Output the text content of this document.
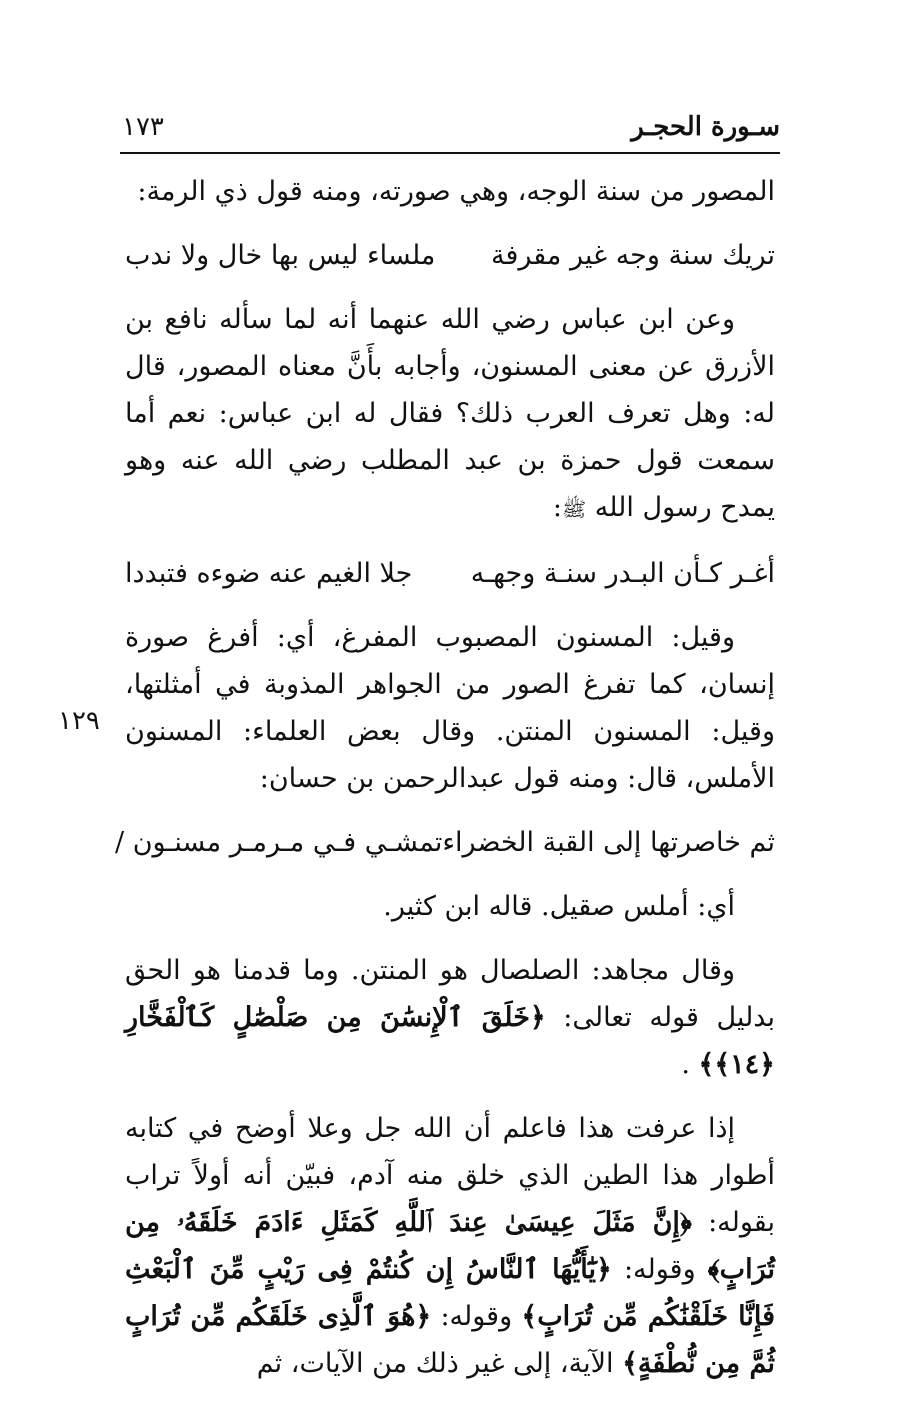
سـورة الحجـر
١٧٣
١٢٩

المصور من سنة الوجه، وهي صورته، ومنه قول ذي الرمة:

تريك سنة وجه غير مقرفة
ملساء ليس بها خال ولا ندب

وعن ابن عباس رضي الله عنهما أنه لما سأله نافع بن الأزرق عن معنى المسنون، وأجابه بأَنَّ معناه المصور، قال له: وهل تعرف العرب ذلك؟ فقال له ابن عباس: نعم أما سمعت قول حمزة بن عبد المطلب رضي الله عنه وهو يمدح رسول الله ﷺ:

أغـر كـأن البـدر سنـة وجهـه
جلا الغيم عنه ضوءه فتبددا

وقيل: المسنون المصبوب المفرغ، أي: أفرغ صورة إنسان، كما تفرغ الصور من الجواهر المذوبة في أمثلتها، وقيل: المسنون المنتن. وقال بعض العلماء: المسنون الأملس، قال: ومنه قول عبدالرحمن بن حسان:

ثم خاصرتها إلى القبة الخضراء
تمشـي فـي مـرمـر مسنـون /

أي: أملس صقيل. قاله ابن كثير.

وقال مجاهد: الصلصال هو المنتن. وما قدمنا هو الحق بدليل قوله تعالى: ﴿خَلَقَ ٱلْإِنسَٰنَ مِن صَلْصَٰلٍ كَٱلْفَخَّارِ ﴿١٤﴾﴾ .

إذا عرفت هذا فاعلم أن الله جل وعلا أوضح في كتابه أطوار هذا الطين الذي خلق منه آدم، فبيّن أنه أولاً تراب بقوله: ﴿إِنَّ مَثَلَ عِيسَىٰ عِندَ ٱللَّهِ كَمَثَلِ ءَادَمَ خَلَقَهُۥ مِن تُرَابٍ﴾ وقوله: ﴿يَٰٓأَيُّهَا ٱلنَّاسُ إِن كُنتُمْ فِى رَيْبٍ مِّنَ ٱلْبَعْثِ فَإِنَّا خَلَقْنَٰكُم مِّن تُرَابٍ﴾ وقوله: ﴿هُوَ ٱلَّذِى خَلَقَكُم مِّن تُرَابٍ ثُمَّ مِن نُّطْفَةٍ﴾ الآية، إلى غير ذلك من الآيات، ثم
